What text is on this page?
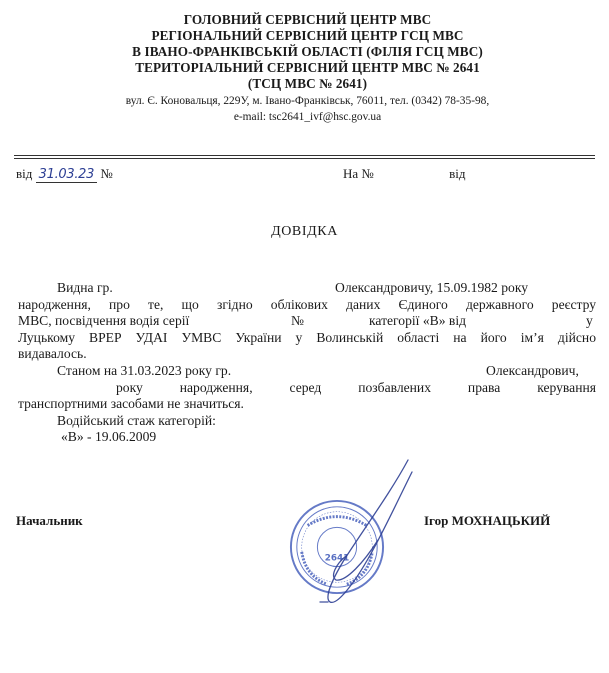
ГОЛОВНИЙ СЕРВІСНИЙ ЦЕНТР МВС
РЕГІОНАЛЬНИЙ СЕРВІСНИЙ ЦЕНТР ГСЦ МВС
В ІВАНО-ФРАНКІВСЬКІЙ ОБЛАСТІ (ФІЛІЯ ГСЦ МВС)
ТЕРИТОРІАЛЬНИЙ СЕРВІСНИЙ ЦЕНТР МВС № 2641
(ТСЦ МВС № 2641)
вул. Є. Коновальця, 229У, м. Івано-Франківськ, 76011, тел. (0342) 78-35-98,
e-mail: tsc2641_ivf@hsc.gov.ua
від 31.03.23 №	На №	від
ДОВІДКА
Видна гр.	Олександровичу, 15.09.1982 року
народження, про те, що згідно облікових даних Єдиного державного реєстру
МВС, посвідчення водія серії	№	категорії «В» від	у
Луцькому ВРЕР УДАІ УМВС України у Волинській області на його ім’я дійсно
видавалось.
Станом на 31.03.2023 року гр.	Олександрович,
року народження, серед позбавлених права керування
транспортними засобами не значиться.
Водійський стаж категорій:
«В» - 19.06.2009
Начальник	Ігор МОХНАЦЬКИЙ
2641
